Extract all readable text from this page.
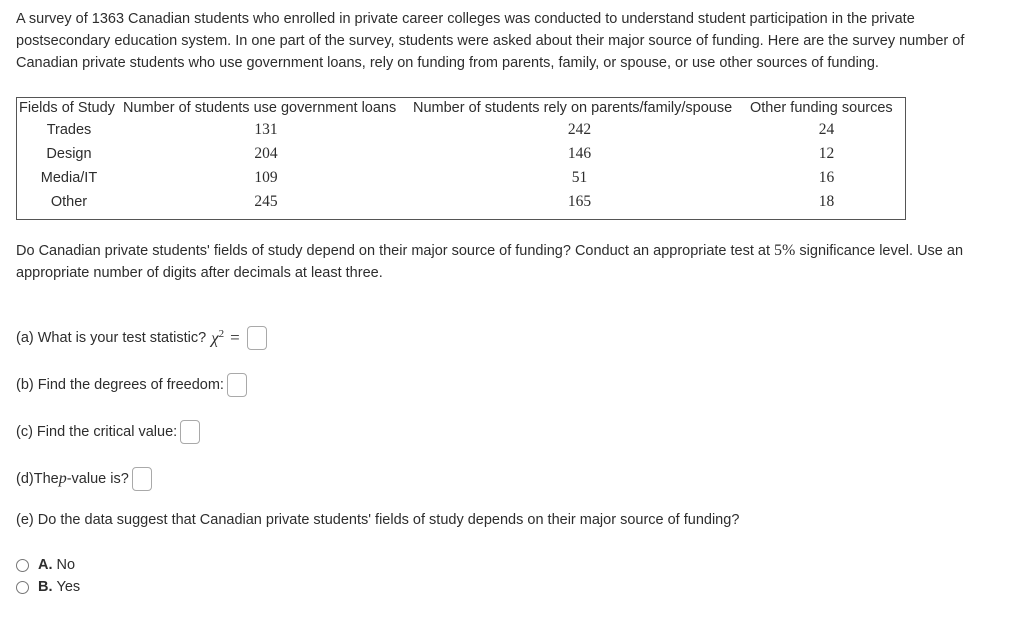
A survey of 1363 Canadian students who enrolled in private career colleges was conducted to understand student participation in the private postsecondary education system. In one part of the survey, students were asked about their major source of funding. Here are the survey number of Canadian private students who use government loans, rely on funding from parents, family, or spouse, or use other sources of funding.

Fields of Study	Number of students use government loans	Number of students rely on parents/family/spouse	Other funding sources
Trades	131	242	24
Design	204	146	12
Media/IT	109	51	16
Other	245	165	18

Do Canadian private students' fields of study depend on their major source of funding? Conduct an appropriate test at 5% significance level. Use an appropriate number of digits after decimals at least three.

(a) What is your test statistic? $\chi^2$ =
(b) Find the degrees of freedom:
(c) Find the critical value:
(d)The p -value is?
(e) Do the data suggest that Canadian private students' fields of study depends on their major source of funding?
A. No
B. Yes
